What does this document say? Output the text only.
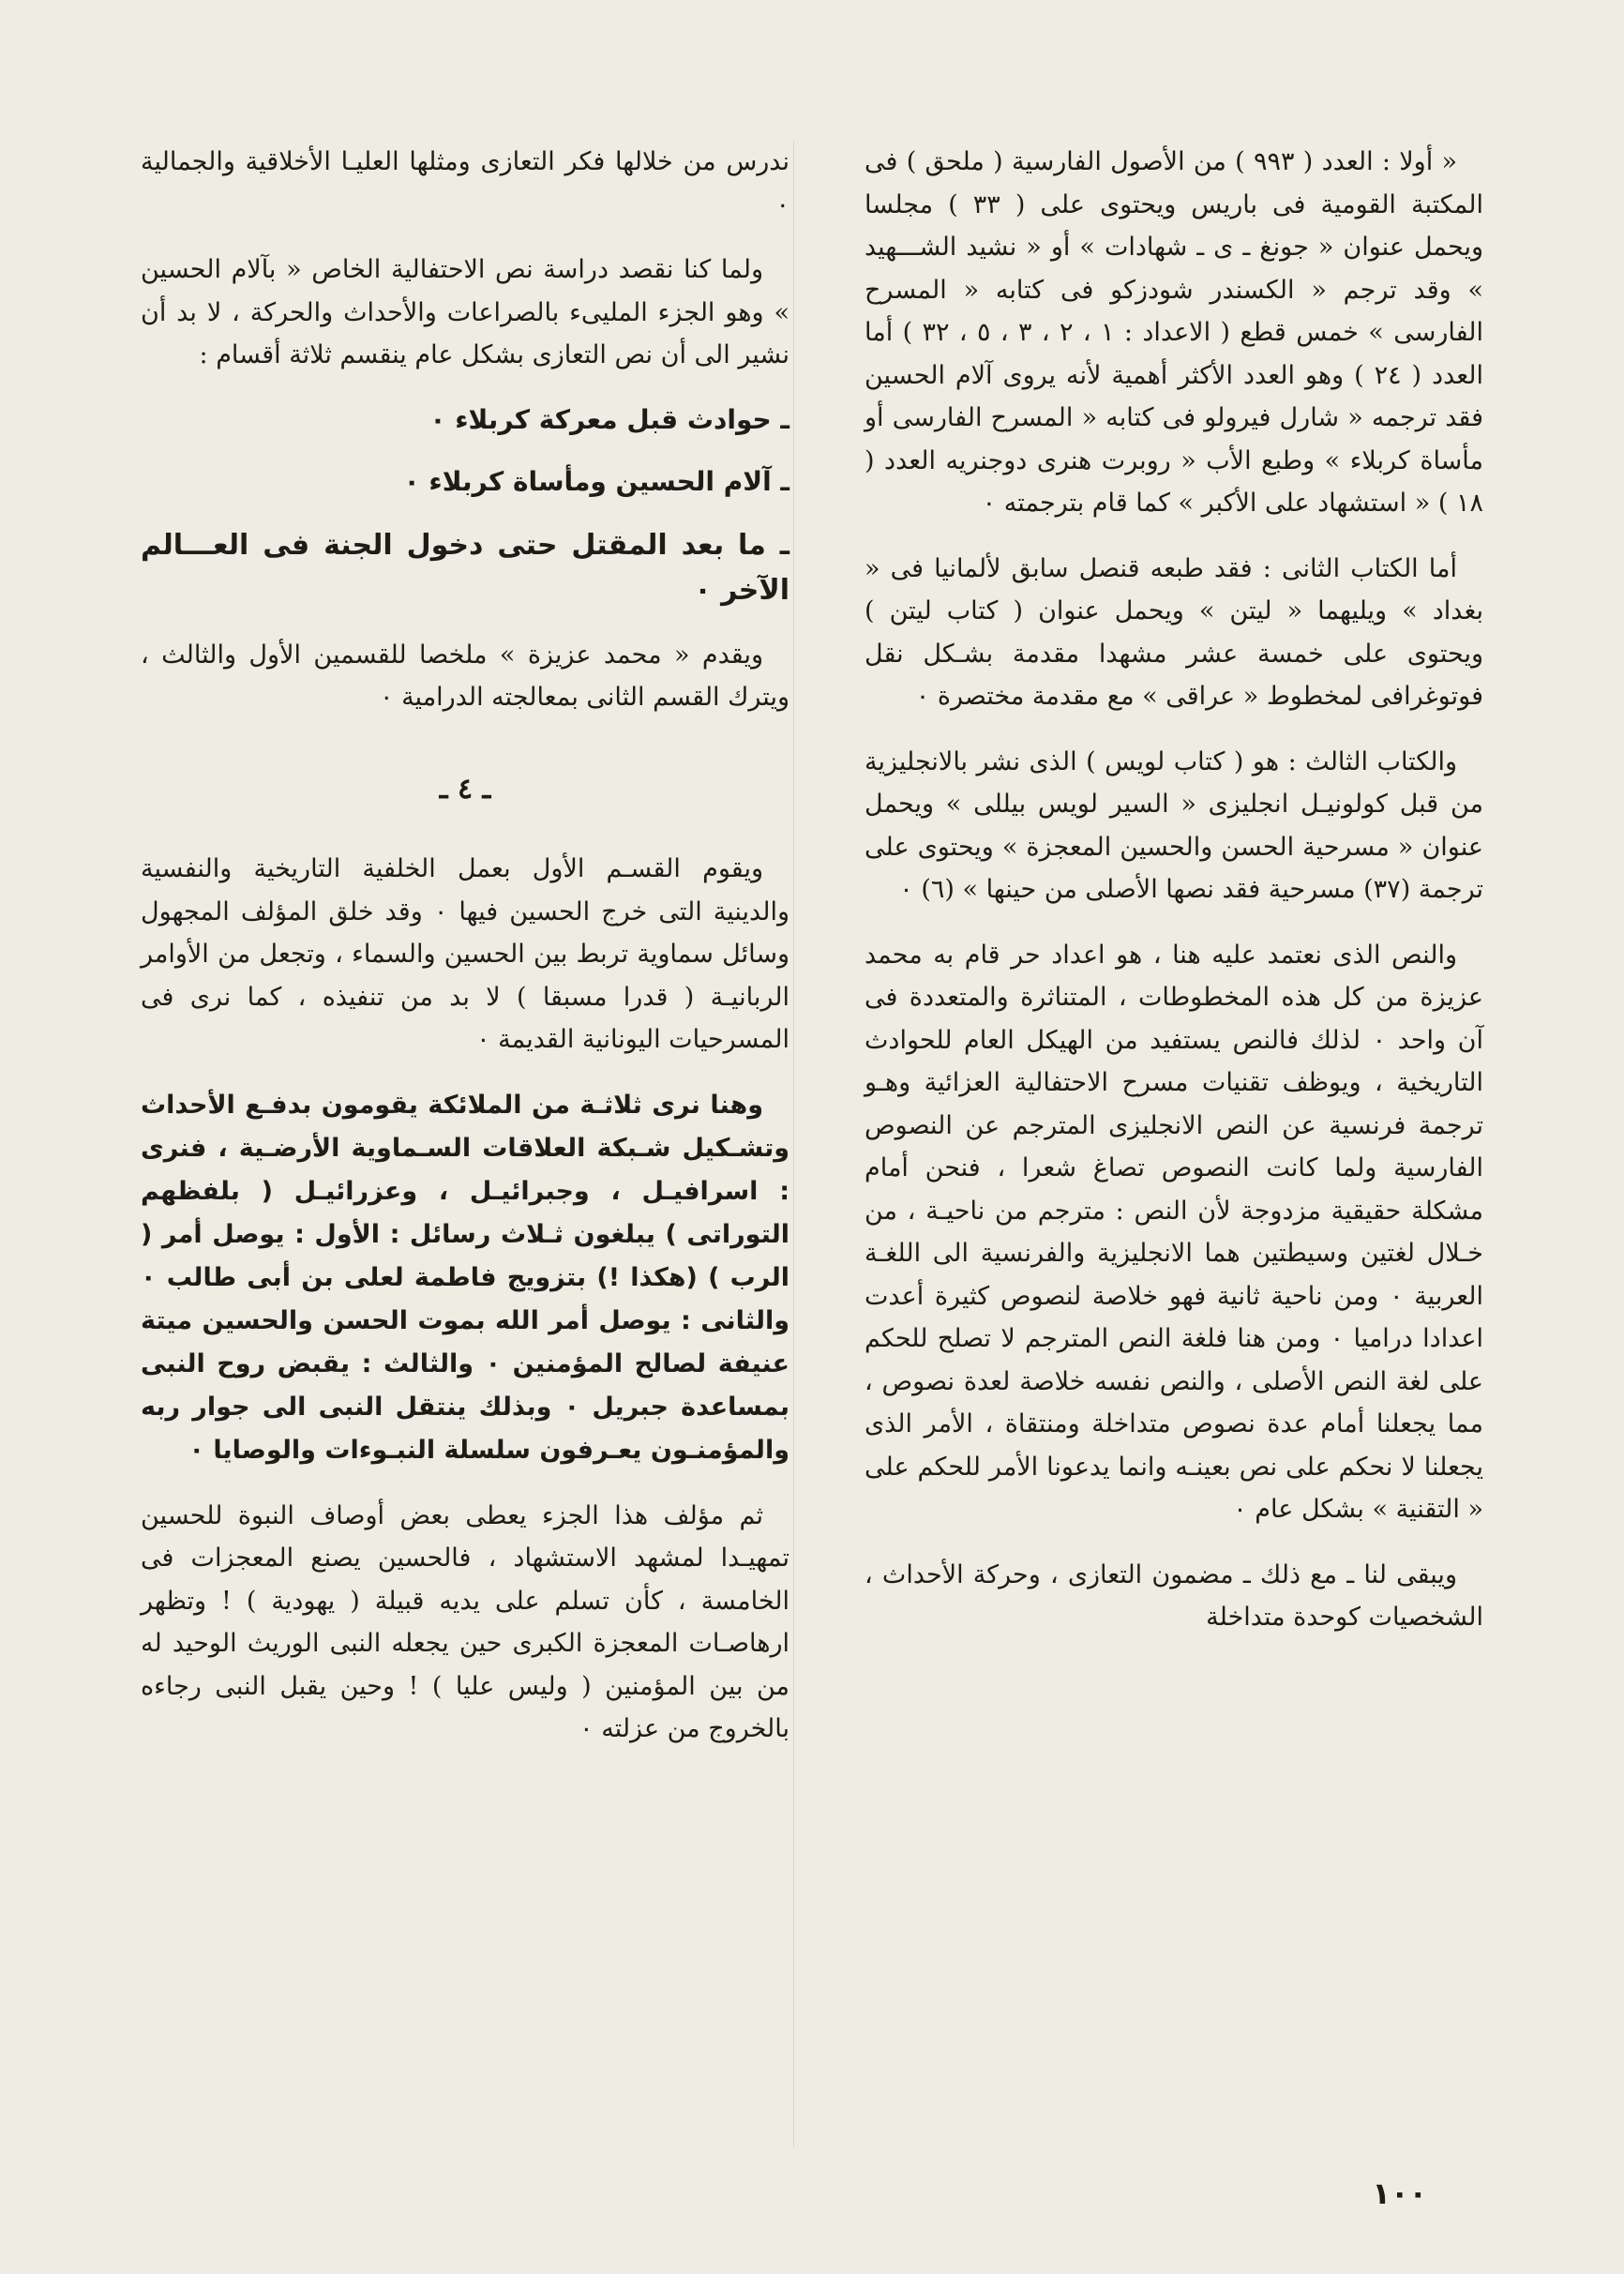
« أولا : العدد ( ٩٩٣ ) من الأصول الفارسية ( ملحق ) فى المكتبة القومية فى باريس ويحتوى على ( ٣٣ ) مجلسا ويحمل عنوان « جونغ ـ ى ـ شهادات » أو « نشيد الشـــهيد » وقد ترجم « الكسندر شودزكو فى كتابه « المسرح الفارسى » خمس قطع ( الاعداد : ١ ، ٢ ، ٣ ، ٥ ، ٣٢ ) أما العدد ( ٢٤ ) وهو العدد الأكثر أهمية لأنه يروى آلام الحسين فقد ترجمه « شارل فيرولو فى كتابه « المسرح الفارسى أو مأساة كربلاء » وطبع الأب « روبرت هنرى دوجنريه العدد ( ١٨ ) « استشهاد على الأكبر » كما قام بترجمته ٠

أما الكتاب الثانى : فقد طبعه قنصل سابق لألمانيا فى « بغداد » ويليهما « ليتن » ويحمل عنوان ( كتاب ليتن ) ويحتوى على خمسة عشر مشهدا مقدمة بشـكل نقل فوتوغرافى لمخطوط « عراقى » مع مقدمة مختصرة ٠

والكتاب الثالث : هو ( كتاب لويس ) الذى نشر بالانجليزية من قبل كولونيـل انجليزى « السير لويس بيللى » ويحمل عنوان « مسرحية الحسن والحسين المعجزة » ويحتوى على ترجمة (٣٧) مسرحية فقد نصها الأصلى من حينها » (٦) ٠

والنص الذى نعتمد عليه هنا ، هو اعداد حر قام به محمد عزيزة من كل هذه المخطوطات ، المتناثرة والمتعددة فى آن واحد ٠ لذلك فالنص يستفيد من الهيكل العام للحوادث التاريخية ، ويوظف تقنيات مسرح الاحتفالية العزائية وهـو ترجمة فرنسية عن النص الانجليزى المترجم عن النصوص الفارسية ولما كانت النصوص تصاغ شعرا ، فنحن أمام مشكلة حقيقية مزدوجة لأن النص : مترجم من ناحيـة ، من خـلال لغتين وسيطتين هما الانجليزية والفرنسية الى اللغـة العربية ٠ ومن ناحية ثانية فهو خلاصة لنصوص كثيرة أعدت اعدادا دراميا ٠ ومن هنا فلغة النص المترجم لا تصلح للحكم على لغة النص الأصلى ، والنص نفسه خلاصة لعدة نصوص ، مما يجعلنا أمام عدة نصوص متداخلة ومنتقاة ، الأمر الذى يجعلنا لا نحكم على نص بعينـه وانما يدعونا الأمر للحكم على « التقنية » بشكل عام ٠

ويبقى لنا ـ مع ذلك ـ مضمون التعازى ، وحركة الأحداث ، الشخصيات كوحدة متداخلة

ندرس من خلالها فكر التعازى ومثلها العليـا الأخلاقية والجمالية ٠

ولما كنا نقصد دراسة نص الاحتفالية الخاص « بآلام الحسين » وهو الجزء المليىء بالصراعات والأحداث والحركة ، لا بد أن نشير الى أن نص التعازى بشكل عام ينقسم ثلاثة أقسام :

ـ حوادث قبل معركة كربلاء ٠

ـ آلام الحسين ومأساة كربلاء ٠

ـ ما بعد المقتل حتى دخول الجنة فى العـــالم الآخر ٠

ويقدم « محمد عزيزة » ملخصا للقسمين الأول والثالث ، ويترك القسم الثانى بمعالجته الدرامية ٠

ـ ٤ ـ

ويقوم القسـم الأول بعمل الخلفية التاريخية والنفسية والدينية التى خرج الحسين فيها ٠ وقد خلق المؤلف المجهول وسائل سماوية تربط بين الحسين والسماء ، وتجعل من الأوامر الربانيـة ( قدرا مسبقا ) لا بد من تنفيذه ، كما نرى فى المسرحيات اليونانية القديمة ٠

وهنا نرى ثلاثـة من الملائكة يقومون بدفـع الأحداث وتشـكيل شـبكة العلاقات السـماوية الأرضـية ، فنرى : اسرافيـل ، وجبرائيـل ، وعزرائيـل ( بلفظهم التوراتى ) يبلغون ثـلاث رسائل : الأول : يوصل أمر ( الرب ) (هكذا !) بتزويج فاطمة لعلى بن أبى طالب ٠ والثانى : يوصل أمر الله بموت الحسن والحسين ميتة عنيفة لصالح المؤمنين ٠ والثالث : يقبض روح النبى بمساعدة جبريل ٠ وبذلك ينتقل النبى الى جوار ربه والمؤمنـون يعـرفون سلسلة النبـوءات والوصايا ٠

ثم مؤلف هذا الجزء يعطى بعض أوصاف النبوة للحسين تمهيـدا لمشهد الاستشهاد ، فالحسين يصنع المعجزات فى الخامسة ، كأن تسلم على يديه قبيلة ( يهودية ) ! وتظهر ارهاصـات المعجزة الكبرى حين يجعله النبى الوريث الوحيد له من بين المؤمنين ( وليس عليا ) ! وحين يقبل النبى رجاءه بالخروج من عزلته ٠

١٠٠
